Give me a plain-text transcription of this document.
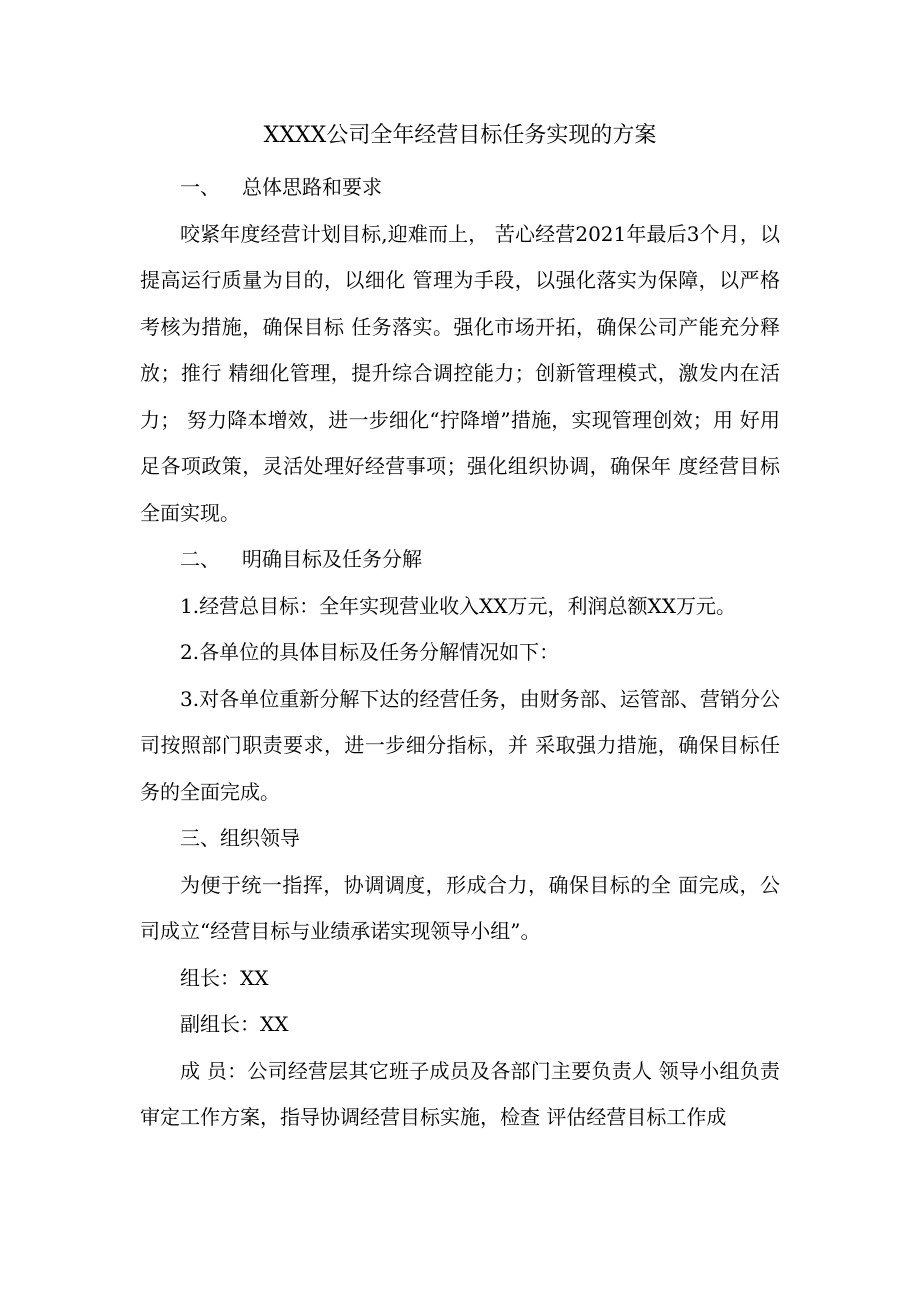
XXXX公司全年经营目标任务实现的方案
一、 总体思路和要求

咬紧年度经营计划目标,迎难而上， 苦心经营2021年最后3个月，以提高运行质量为目的，以细化 管理为手段，以强化落实为保障，以严格考核为措施，确保目标 任务落实。强化市场开拓，确保公司产能充分释放；推行 精细化管理，提升综合调控能力；创新管理模式，激发内在活力； 努力降本增效，进一步细化“拧降增”措施，实现管理创效；用 好用足各项政策，灵活处理好经营事项；强化组织协调，确保年 度经营目标全面实现。

二、 明确目标及任务分解

1.经营总目标：全年实现营业收入XX万元，利润总额XX万元。

2.各单位的具体目标及任务分解情况如下：

3.对各单位重新分解下达的经营任务，由财务部、运管部、营销分公司按照部门职责要求，进一步细分指标，并 采取强力措施，确保目标任务的全面完成。

三、组织领导

为便于统一指挥，协调调度，形成合力，确保目标的全 面完成，公司成立“经营目标与业绩承诺实现领导小组”。

组长：XX

副组长：XX

成 员：公司经营层其它班子成员及各部门主要负责人 领导小组负责审定工作方案，指导协调经营目标实施，检查 评估经营目标工作成
